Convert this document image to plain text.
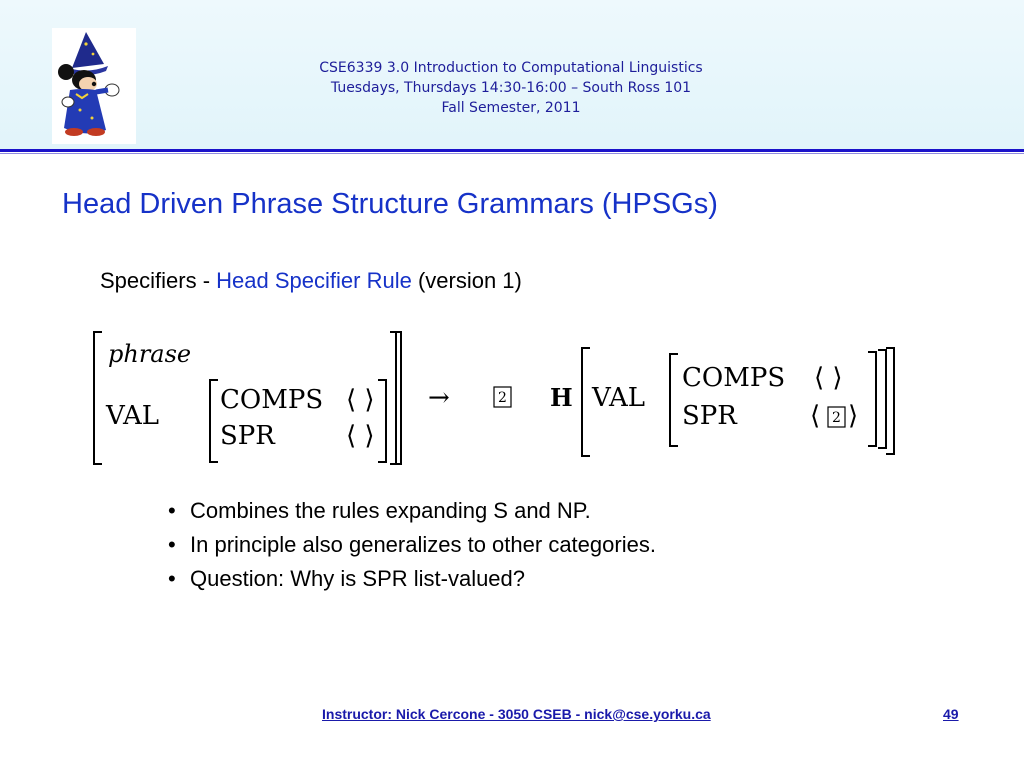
CSE6339 3.0 Introduction to Computational Linguistics
Tuesdays, Thursdays 14:30-16:00 – South Ross 101
Fall Semester, 2011
Head Driven Phrase Structure Grammars (HPSGs)
Specifiers - Head Specifier Rule (version 1)
phrase
VAL
COMPS
SPR
⟨ ⟩
⟨ ⟩
→	2 H VAL
COMPS
SPR
⟨ ⟩
⟨ 2 ⟩
• Combines the rules expanding S and NP.
• In principle also generalizes to other categories.
• Question: Why is SPR list-valued?
Instructor: Nick Cercone - 3050 CSEB - nick@cse.yorku.ca	49
